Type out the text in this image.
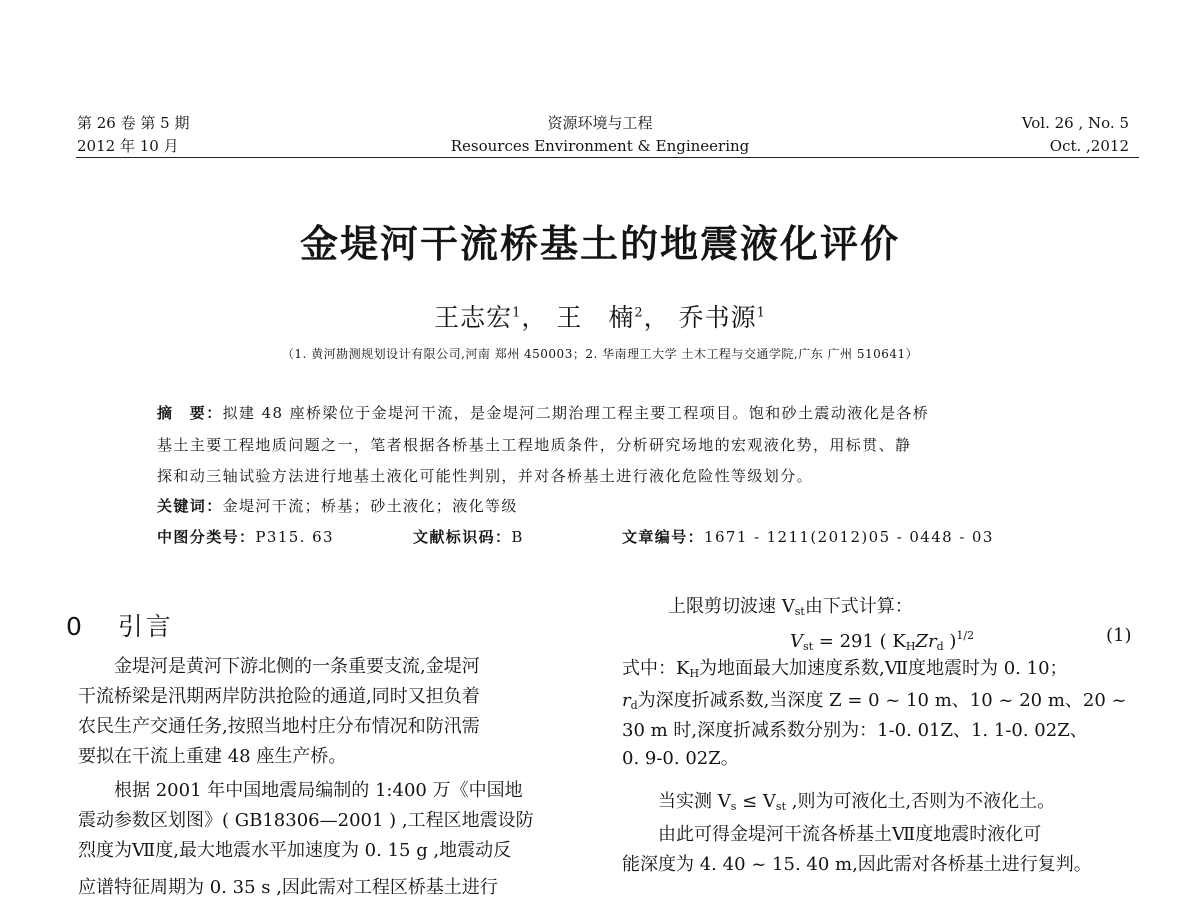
第 26 卷 第 5 期
2012 年 10 月
资源环境与工程
Resources Environment & Engineering
Vol. 26 , No. 5
Oct. ,2012
金堤河干流桥基土的地震液化评价
王志宏$^1$， 王　楠$^2$， 乔书源$^1$
（1. 黄河勘测规划设计有限公司,河南 郑州 450003；2. 华南理工大学 土木工程与交通学院,广东 广州 510641）
摘　要：拟建 48 座桥梁位于金堤河干流，是金堤河二期治理工程主要工程项目。饱和砂土震动液化是各桥
基土主要工程地质问题之一，笔者根据各桥基土工程地质条件，分析研究场地的宏观液化势，用标贯、静
探和动三轴试验方法进行地基土液化可能性判别，并对各桥基土进行液化危险性等级划分。
关键词：金堤河干流；桥基；砂土液化；液化等级
中图分类号：P315. 63	文献标识码：B	文章编号：1671 - 1211(2012)05 - 0448 - 03
0 引言
　　金堤河是黄河下游北侧的一条重要支流,金堤河
干流桥梁是汛期两岸防洪抢险的通道,同时又担负着
农民生产交通任务,按照当地村庄分布情况和防汛需
要拟在干流上重建 48 座生产桥。
　　根据 2001 年中国地震局编制的 1:400 万《中国地
震动参数区划图》( GB18306—2001 ) ,工程区地震设防
烈度为Ⅶ度,最大地震水平加速度为 0. 15 g ,地震动反
应谱特征周期为 0. 35 s ,因此需对工程区桥基土进行
上限剪切波速 $V_{st}$由下式计算：
$V_{st} = 291$ ( $K_HZr_d$ )$^{1/2}$	(1)
式中：$K_H$为地面最大加速度系数,Ⅶ度地震时为 0. 10；
$r_d$为深度折减系数,当深度 Z = 0 ~ 10 m、10 ~ 20 m、20 ~
30 m 时,深度折减系数分别为：1-0. 01Z、1. 1-0. 02Z、
0. 9-0. 02Z。
　　当实测 $V_s \le V_{st}$ ,则为可液化土,否则为不液化土。
　　由此可得金堤河干流各桥基土Ⅶ度地震时液化可
能深度为 4. 40 ~ 15. 40 m,因此需对各桥基土进行复判。
